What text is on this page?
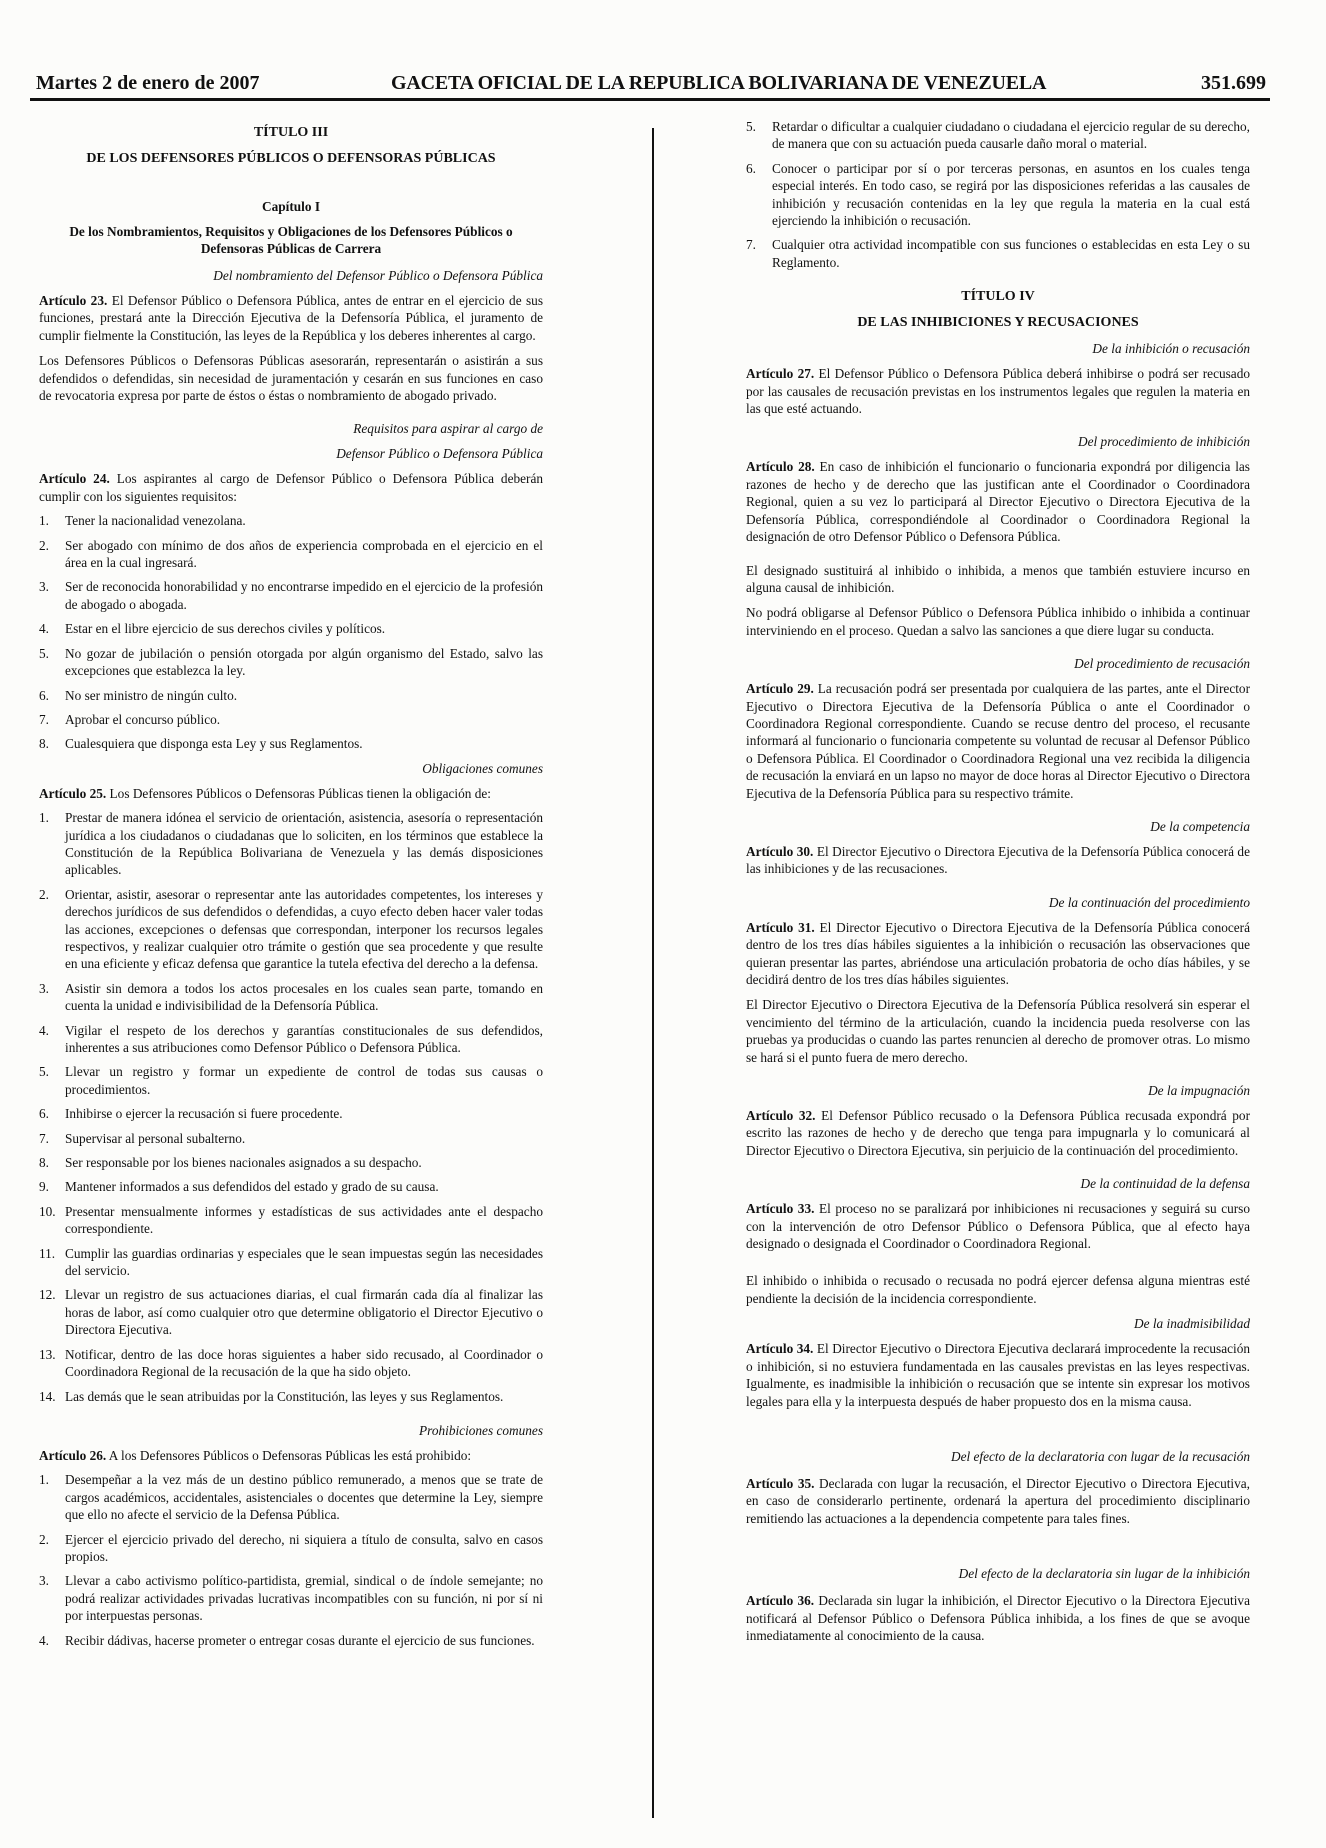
Martes 2 de enero de 2007	GACETA OFICIAL DE LA REPUBLICA BOLIVARIANA DE VENEZUELA	351.699

TÍTULO III

DE LOS DEFENSORES PÚBLICOS O DEFENSORAS PÚBLICAS

Capítulo I

De los Nombramientos, Requisitos y Obligaciones de los Defensores Públicos o Defensoras Públicas de Carrera

Del nombramiento del Defensor Público o Defensora Pública

Artículo 23. El Defensor Público o Defensora Pública, antes de entrar en el ejercicio de sus funciones, prestará ante la Dirección Ejecutiva de la Defensoría Pública, el juramento de cumplir fielmente la Constitución, las leyes de la República y los deberes inherentes al cargo.

Los Defensores Públicos o Defensoras Públicas asesorarán, representarán o asistirán a sus defendidos o defendidas, sin necesidad de juramentación y cesarán en sus funciones en caso de revocatoria expresa por parte de éstos o éstas o nombramiento de abogado privado.

Requisitos para aspirar al cargo de

Defensor Público o Defensora Pública

Artículo 24. Los aspirantes al cargo de Defensor Público o Defensora Pública deberán cumplir con los siguientes requisitos:

1. Tener la nacionalidad venezolana.
2. Ser abogado con mínimo de dos años de experiencia comprobada en el ejercicio en el área en la cual ingresará.
3. Ser de reconocida honorabilidad y no encontrarse impedido en el ejercicio de la profesión de abogado o abogada.
4. Estar en el libre ejercicio de sus derechos civiles y políticos.
5. No gozar de jubilación o pensión otorgada por algún organismo del Estado, salvo las excepciones que establezca la ley.
6. No ser ministro de ningún culto.
7. Aprobar el concurso público.
8. Cualesquiera que disponga esta Ley y sus Reglamentos.

Obligaciones comunes

Artículo 25. Los Defensores Públicos o Defensoras Públicas tienen la obligación de:

1. Prestar de manera idónea el servicio de orientación, asistencia, asesoría o representación jurídica a los ciudadanos o ciudadanas que lo soliciten, en los términos que establece la Constitución de la República Bolivariana de Venezuela y las demás disposiciones aplicables.
2. Orientar, asistir, asesorar o representar ante las autoridades competentes, los intereses y derechos jurídicos de sus defendidos o defendidas, a cuyo efecto deben hacer valer todas las acciones, excepciones o defensas que correspondan, interponer los recursos legales respectivos, y realizar cualquier otro trámite o gestión que sea procedente y que resulte en una eficiente y eficaz defensa que garantice la tutela efectiva del derecho a la defensa.
3. Asistir sin demora a todos los actos procesales en los cuales sean parte, tomando en cuenta la unidad e indivisibilidad de la Defensoría Pública.
4. Vigilar el respeto de los derechos y garantías constitucionales de sus defendidos, inherentes a sus atribuciones como Defensor Público o Defensora Pública.
5. Llevar un registro y formar un expediente de control de todas sus causas o procedimientos.
6. Inhibirse o ejercer la recusación si fuere procedente.
7. Supervisar al personal subalterno.
8. Ser responsable por los bienes nacionales asignados a su despacho.
9. Mantener informados a sus defendidos del estado y grado de su causa.
10. Presentar mensualmente informes y estadísticas de sus actividades ante el despacho correspondiente.
11. Cumplir las guardias ordinarias y especiales que le sean impuestas según las necesidades del servicio.
12. Llevar un registro de sus actuaciones diarias, el cual firmarán cada día al finalizar las horas de labor, así como cualquier otro que determine obligatorio el Director Ejecutivo o Directora Ejecutiva.
13. Notificar, dentro de las doce horas siguientes a haber sido recusado, al Coordinador o Coordinadora Regional de la recusación de la que ha sido objeto.
14. Las demás que le sean atribuidas por la Constitución, las leyes y sus Reglamentos.

Prohibiciones comunes

Artículo 26. A los Defensores Públicos o Defensoras Públicas les está prohibido:

1. Desempeñar a la vez más de un destino público remunerado, a menos que se trate de cargos académicos, accidentales, asistenciales o docentes que determine la Ley, siempre que ello no afecte el servicio de la Defensa Pública.
2. Ejercer el ejercicio privado del derecho, ni siquiera a título de consulta, salvo en casos propios.
3. Llevar a cabo activismo político-partidista, gremial, sindical o de índole semejante; no podrá realizar actividades privadas lucrativas incompatibles con su función, ni por sí ni por interpuestas personas.
4. Recibir dádivas, hacerse prometer o entregar cosas durante el ejercicio de sus funciones.
5. Retardar o dificultar a cualquier ciudadano o ciudadana el ejercicio regular de su derecho, de manera que con su actuación pueda causarle daño moral o material.
6. Conocer o participar por sí o por terceras personas, en asuntos en los cuales tenga especial interés. En todo caso, se regirá por las disposiciones referidas a las causales de inhibición y recusación contenidas en la ley que regula la materia en la cual está ejerciendo la inhibición o recusación.
7. Cualquier otra actividad incompatible con sus funciones o establecidas en esta Ley o su Reglamento.

TÍTULO IV

DE LAS INHIBICIONES Y RECUSACIONES

De la inhibición o recusación

Artículo 27. El Defensor Público o Defensora Pública deberá inhibirse o podrá ser recusado por las causales de recusación previstas en los instrumentos legales que regulen la materia en las que esté actuando.

Del procedimiento de inhibición

Artículo 28. En caso de inhibición el funcionario o funcionaria expondrá por diligencia las razones de hecho y de derecho que las justifican ante el Coordinador o Coordinadora Regional, quien a su vez lo participará al Director Ejecutivo o Directora Ejecutiva de la Defensoría Pública, correspondiéndole al Coordinador o Coordinadora Regional la designación de otro Defensor Público o Defensora Pública.

El designado sustituirá al inhibido o inhibida, a menos que también estuviere incurso en alguna causal de inhibición.

No podrá obligarse al Defensor Público o Defensora Pública inhibido o inhibida a continuar interviniendo en el proceso. Quedan a salvo las sanciones a que diere lugar su conducta.

Del procedimiento de recusación

Artículo 29. La recusación podrá ser presentada por cualquiera de las partes, ante el Director Ejecutivo o Directora Ejecutiva de la Defensoría Pública o ante el Coordinador o Coordinadora Regional correspondiente. Cuando se recuse dentro del proceso, el recusante informará al funcionario o funcionaria competente su voluntad de recusar al Defensor Público o Defensora Pública. El Coordinador o Coordinadora Regional una vez recibida la diligencia de recusación la enviará en un lapso no mayor de doce horas al Director Ejecutivo o Directora Ejecutiva de la Defensoría Pública para su respectivo trámite.

De la competencia

Artículo 30. El Director Ejecutivo o Directora Ejecutiva de la Defensoría Pública conocerá de las inhibiciones y de las recusaciones.

De la continuación del procedimiento

Artículo 31. El Director Ejecutivo o Directora Ejecutiva de la Defensoría Pública conocerá dentro de los tres días hábiles siguientes a la inhibición o recusación las observaciones que quieran presentar las partes, abriéndose una articulación probatoria de ocho días hábiles, y se decidirá dentro de los tres días hábiles siguientes.

El Director Ejecutivo o Directora Ejecutiva de la Defensoría Pública resolverá sin esperar el vencimiento del término de la articulación, cuando la incidencia pueda resolverse con las pruebas ya producidas o cuando las partes renuncien al derecho de promover otras. Lo mismo se hará si el punto fuera de mero derecho.

De la impugnación

Artículo 32. El Defensor Público recusado o la Defensora Pública recusada expondrá por escrito las razones de hecho y de derecho que tenga para impugnarla y lo comunicará al Director Ejecutivo o Directora Ejecutiva, sin perjuicio de la continuación del procedimiento.

De la continuidad de la defensa

Artículo 33. El proceso no se paralizará por inhibiciones ni recusaciones y seguirá su curso con la intervención de otro Defensor Público o Defensora Pública, que al efecto haya designado o designada el Coordinador o Coordinadora Regional.

El inhibido o inhibida o recusado o recusada no podrá ejercer defensa alguna mientras esté pendiente la decisión de la incidencia correspondiente.

De la inadmisibilidad

Artículo 34. El Director Ejecutivo o Directora Ejecutiva declarará improcedente la recusación o inhibición, si no estuviera fundamentada en las causales previstas en las leyes respectivas. Igualmente, es inadmisible la inhibición o recusación que se intente sin expresar los motivos legales para ella y la interpuesta después de haber propuesto dos en la misma causa.

Del efecto de la declaratoria con lugar de la recusación

Artículo 35. Declarada con lugar la recusación, el Director Ejecutivo o Directora Ejecutiva, en caso de considerarlo pertinente, ordenará la apertura del procedimiento disciplinario remitiendo las actuaciones a la dependencia competente para tales fines.

Del efecto de la declaratoria sin lugar de la inhibición

Artículo 36. Declarada sin lugar la inhibición, el Director Ejecutivo o la Directora Ejecutiva notificará al Defensor Público o Defensora Pública inhibida, a los fines de que se avoque inmediatamente al conocimiento de la causa.
